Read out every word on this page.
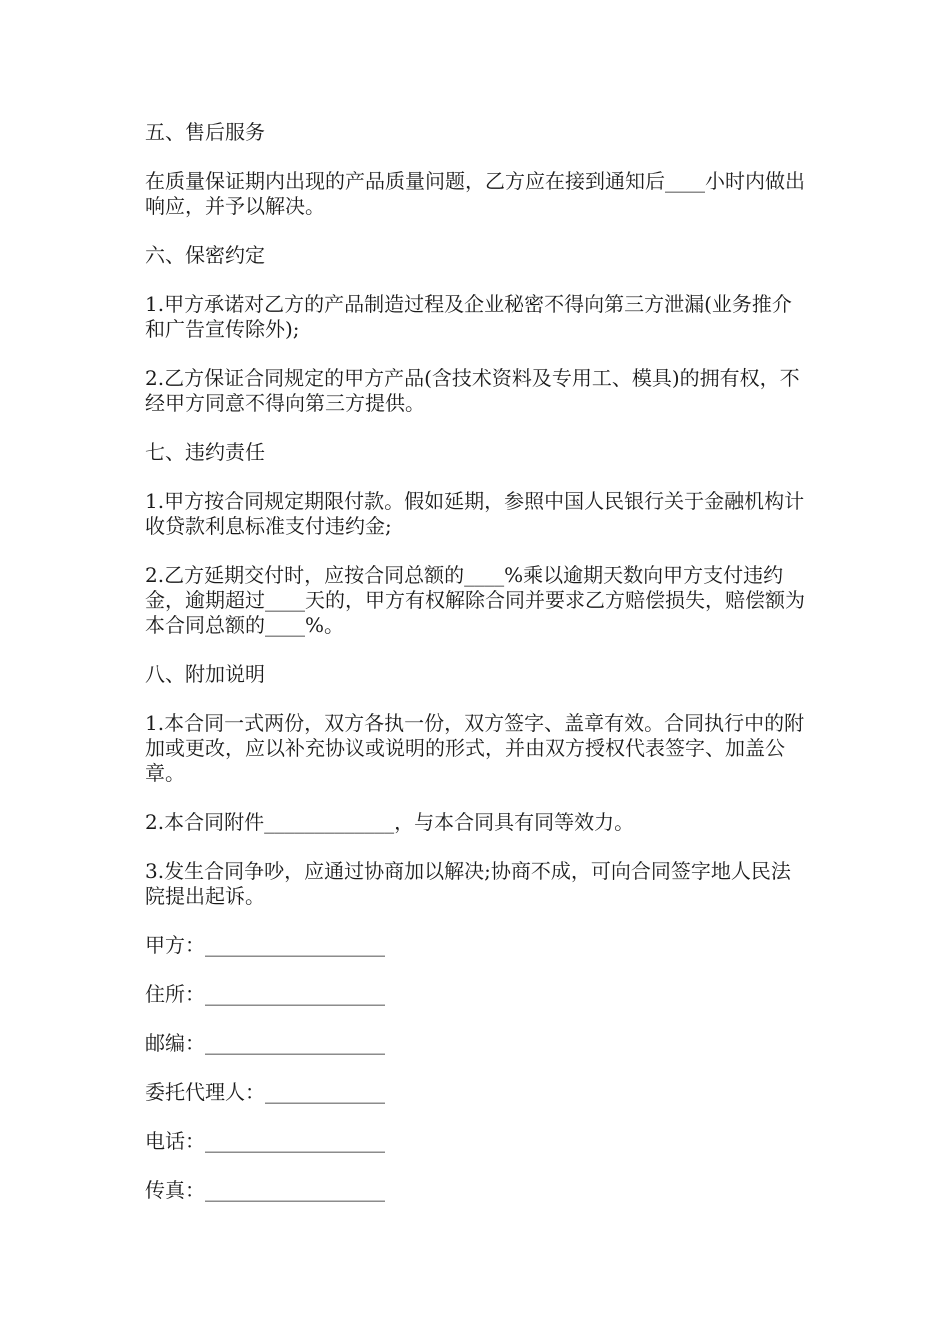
五、售后服务
在质量保证期内出现的产品质量问题，乙方应在接到通知后____小时内做出响应，并予以解决。
六、保密约定
1.甲方承诺对乙方的产品制造过程及企业秘密不得向第三方泄漏(业务推介和广告宣传除外);
2.乙方保证合同规定的甲方产品(含技术资料及专用工、模具)的拥有权，不经甲方同意不得向第三方提供。
七、违约责任
1.甲方按合同规定期限付款。假如延期，参照中国人民银行关于金融机构计收贷款利息标准支付违约金;
2.乙方延期交付时，应按合同总额的____%乘以逾期天数向甲方支付违约金，逾期超过____天的，甲方有权解除合同并要求乙方赔偿损失，赔偿额为本合同总额的____%。
八、附加说明
1.本合同一式两份，双方各执一份，双方签字、盖章有效。合同执行中的附加或更改，应以补充协议或说明的形式，并由双方授权代表签字、加盖公章。
2.本合同附件_____________，与本合同具有同等效力。
3.发生合同争吵，应通过协商加以解决;协商不成，可向合同签字地人民法院提出起诉。
甲方：__________________
住所：__________________
邮编：__________________
委托代理人：____________
电话：__________________
传真：__________________
